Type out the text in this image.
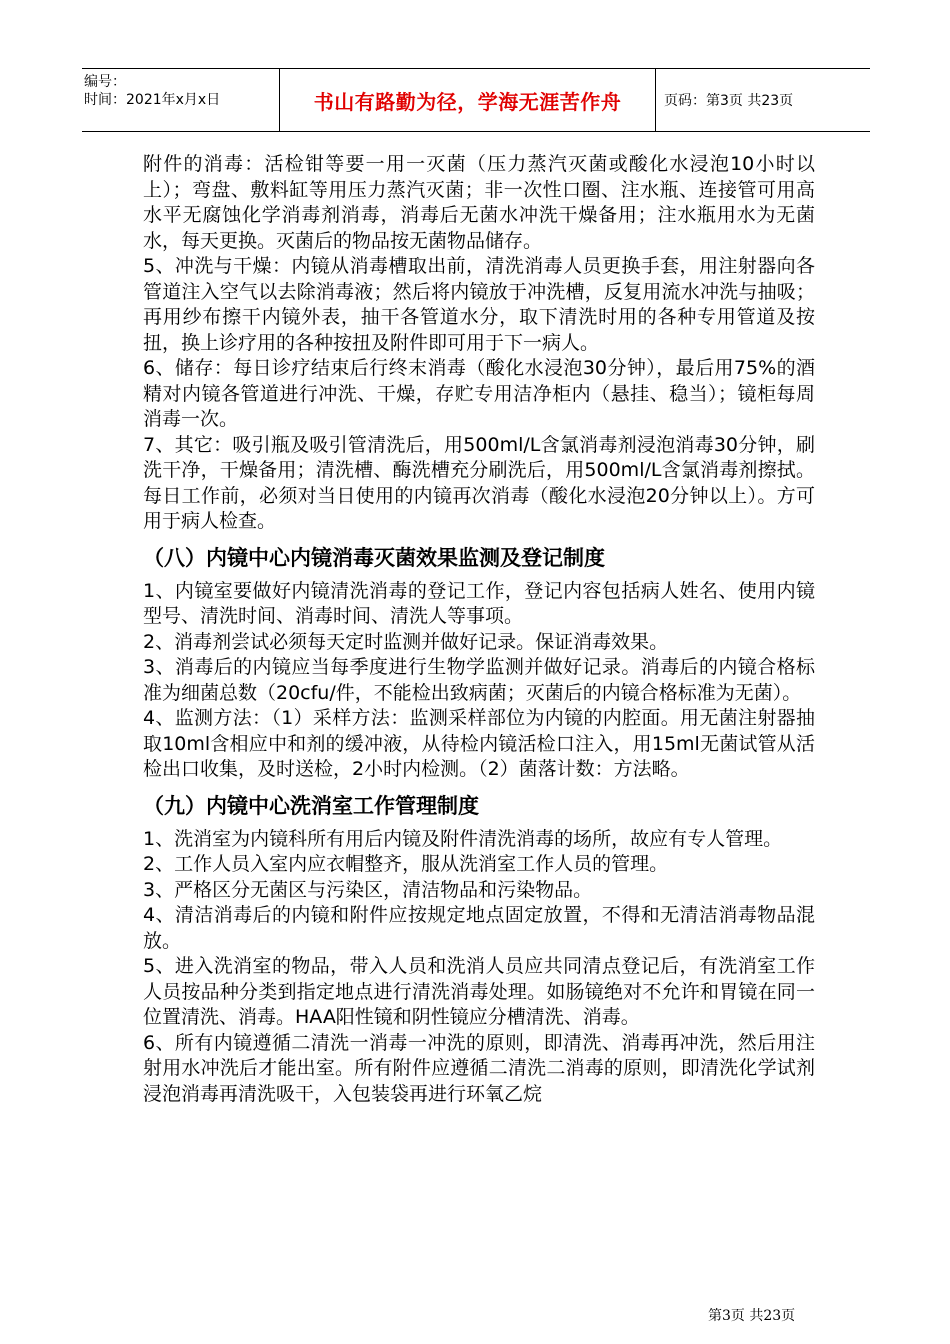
编号：
时间：2021年x月x日	书山有路勤为径，学海无涯苦作舟	页码：第3页 共23页

附件的消毒：活检钳等要一用一灭菌（压力蒸汽灭菌或酸化水浸泡10小时以上）；弯盘、敷料缸等用压力蒸汽灭菌；非一次性口圈、注水瓶、连接管可用高水平无腐蚀化学消毒剂消毒，消毒后无菌水冲洗干燥备用；注水瓶用水为无菌水，每天更换。灭菌后的物品按无菌物品储存。

5、冲洗与干燥：内镜从消毒槽取出前，清洗消毒人员更换手套，用注射器向各管道注入空气以去除消毒液；然后将内镜放于冲洗槽，反复用流水冲洗与抽吸；再用纱布擦干内镜外表，抽干各管道水分，取下清洗时用的各种专用管道及按扭，换上诊疗用的各种按扭及附件即可用于下一病人。

6、储存：每日诊疗结束后行终末消毒（酸化水浸泡30分钟），最后用75%的酒精对内镜各管道进行冲洗、干燥，存贮专用洁净柜内（悬挂、稳当）；镜柜每周消毒一次。

7、其它：吸引瓶及吸引管清洗后，用500ml/L含氯消毒剂浸泡消毒30分钟，刷洗干净，干燥备用；清洗槽、酶洗槽充分刷洗后，用500ml/L含氯消毒剂擦拭。每日工作前，必须对当日使用的内镜再次消毒（酸化水浸泡20分钟以上）。方可用于病人检查。

（八）内镜中心内镜消毒灭菌效果监测及登记制度

1、内镜室要做好内镜清洗消毒的登记工作，登记内容包括病人姓名、使用内镜型号、清洗时间、消毒时间、清洗人等事项。

2、消毒剂尝试必须每天定时监测并做好记录。保证消毒效果。

3、消毒后的内镜应当每季度进行生物学监测并做好记录。消毒后的内镜合格标准为细菌总数（20cfu/件，不能检出致病菌；灭菌后的内镜合格标准为无菌）。

4、监测方法：（1）采样方法：监测采样部位为内镜的内腔面。用无菌注射器抽取10ml含相应中和剂的缓冲液，从待检内镜活检口注入，用15ml无菌试管从活检出口收集，及时送检，2小时内检测。（2）菌落计数：方法略。

（九）内镜中心洗消室工作管理制度

1、洗消室为内镜科所有用后内镜及附件清洗消毒的场所，故应有专人管理。

2、工作人员入室内应衣帽整齐，服从洗消室工作人员的管理。

3、严格区分无菌区与污染区，清洁物品和污染物品。

4、清洁消毒后的内镜和附件应按规定地点固定放置，不得和无清洁消毒物品混放。

5、进入洗消室的物品，带入人员和洗消人员应共同清点登记后，有洗消室工作人员按品种分类到指定地点进行清洗消毒处理。如肠镜绝对不允许和胃镜在同一位置清洗、消毒。HAA阳性镜和阴性镜应分槽清洗、消毒。

6、所有内镜遵循二清洗一消毒一冲洗的原则，即清洗、消毒再冲洗，然后用注射用水冲洗后才能出室。所有附件应遵循二清洗二消毒的原则，即清洗化学试剂浸泡消毒再清洗吸干，入包装袋再进行环氧乙烷

第3页 共23页
